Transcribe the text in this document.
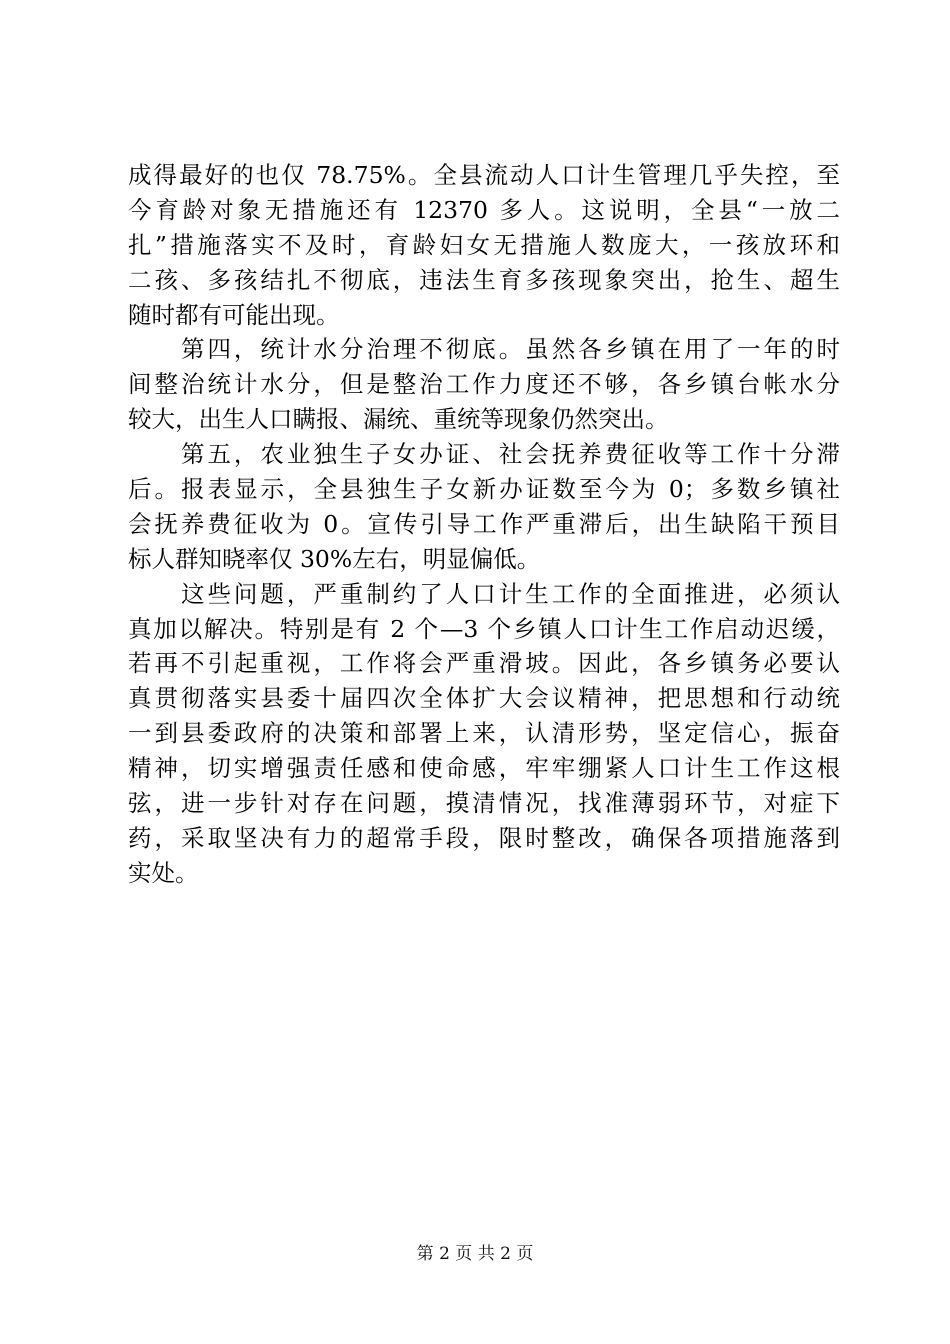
成得最好的也仅 78.75%。全县流动人口计生管理几乎失控，至
今育龄对象无措施还有 12370 多人。这说明，全县“一放二
扎”措施落实不及时，育龄妇女无措施人数庞大，一孩放环和
二孩、多孩结扎不彻底，违法生育多孩现象突出，抢生、超生
随时都有可能出现。
　　第四，统计水分治理不彻底。虽然各乡镇在用了一年的时
间整治统计水分，但是整治工作力度还不够，各乡镇台帐水分
较大，出生人口瞒报、漏统、重统等现象仍然突出。
　　第五，农业独生子女办证、社会抚养费征收等工作十分滞
后。报表显示，全县独生子女新办证数至今为 0；多数乡镇社
会抚养费征收为 0。宣传引导工作严重滞后，出生缺陷干预目
标人群知晓率仅 30%左右，明显偏低。
　　这些问题，严重制约了人口计生工作的全面推进，必须认
真加以解决。特别是有 2 个—3 个乡镇人口计生工作启动迟缓，
若再不引起重视，工作将会严重滑坡。因此，各乡镇务必要认
真贯彻落实县委十届四次全体扩大会议精神，把思想和行动统
一到县委政府的决策和部署上来，认清形势，坚定信心，振奋
精神，切实增强责任感和使命感，牢牢绷紧人口计生工作这根
弦，进一步针对存在问题，摸清情况，找准薄弱环节，对症下
药，采取坚决有力的超常手段，限时整改，确保各项措施落到
实处。
第 2 页 共 2 页
